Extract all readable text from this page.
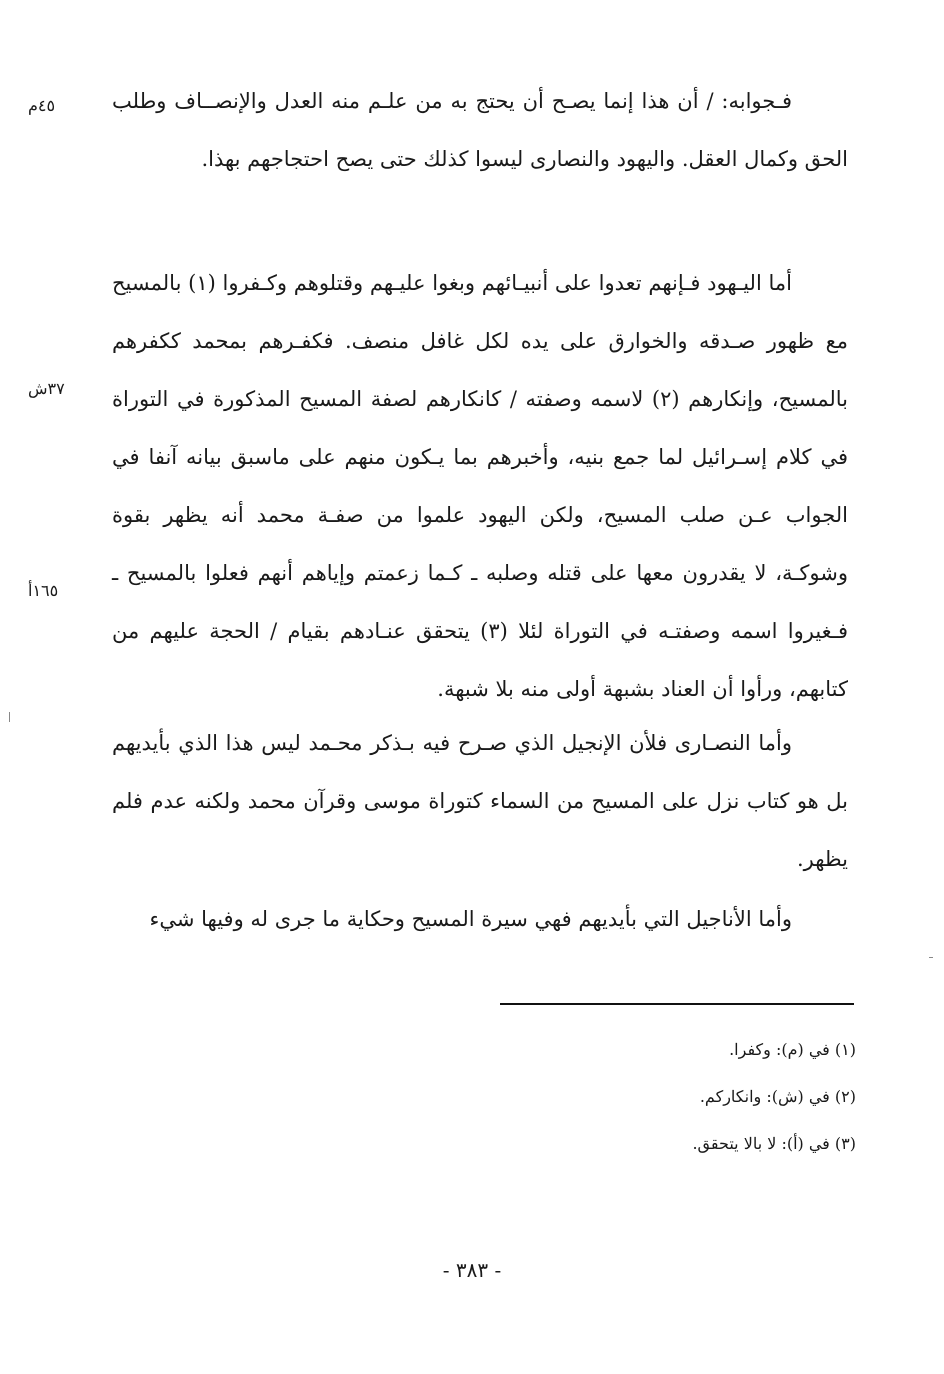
٤٥م
٣٧ش
١٦٥أ

فـجوابه: / أن هذا إنما يصـح أن يحتج به من علـم منه العدل والإنصــاف وطلب الحق وكمال العقل. واليهود والنصارى ليسوا كذلك حتى يصح احتجاجهم بهذا.

أما اليـهود فـإنهم تعدوا على أنبيـائهم وبغوا عليـهم وقتلوهم وكـفروا (١) بالمسيح مع ظهور صـدقه والخوارق على يده لكل غافل منصف. فكفـرهم بمحمد ككفرهم بالمسيح، وإنكارهم (٢) لاسمه وصفته / كانكارهم لصفة المسيح المذكورة في التوراة في كلام إسـرائيل لما جمع بنيه، وأخبرهم بما يـكون منهم على ماسبق بيانه آنفا في الجواب عـن صلب المسيح، ولكن اليهود علموا من صفـة محمد أنه يظهر بقوة وشوكـة، لا يقدرون معها على قتله وصلبه ـ كـما زعمتم وإياهم أنهم فعلوا بالمسيح ـ فـغيروا اسمه وصفتـه في التوراة لئلا (٣) يتحقق عنـادهم بقيام / الحجة عليهم من كتابهم، ورأوا أن العناد بشبهة أولى منه بلا شبهة.

وأما النصـارى فلأن الإنجيل الذي صـرح فيه بـذكر محـمد ليس هذا الذي بأيديهم بل هو كتاب نزل على المسيح من السماء كتوراة موسى وقرآن محمد ولكنه عدم فلم يظهر.

وأما الأناجيل التي بأيديهم فهي سيرة المسيح وحكاية ما جرى له وفيها شيء

(١) في (م): وكفرا.

(٢) في (ش): وانكاركم.

(٣) في (أ): لا بالا يتحقق.

- ٣٨٣ -
